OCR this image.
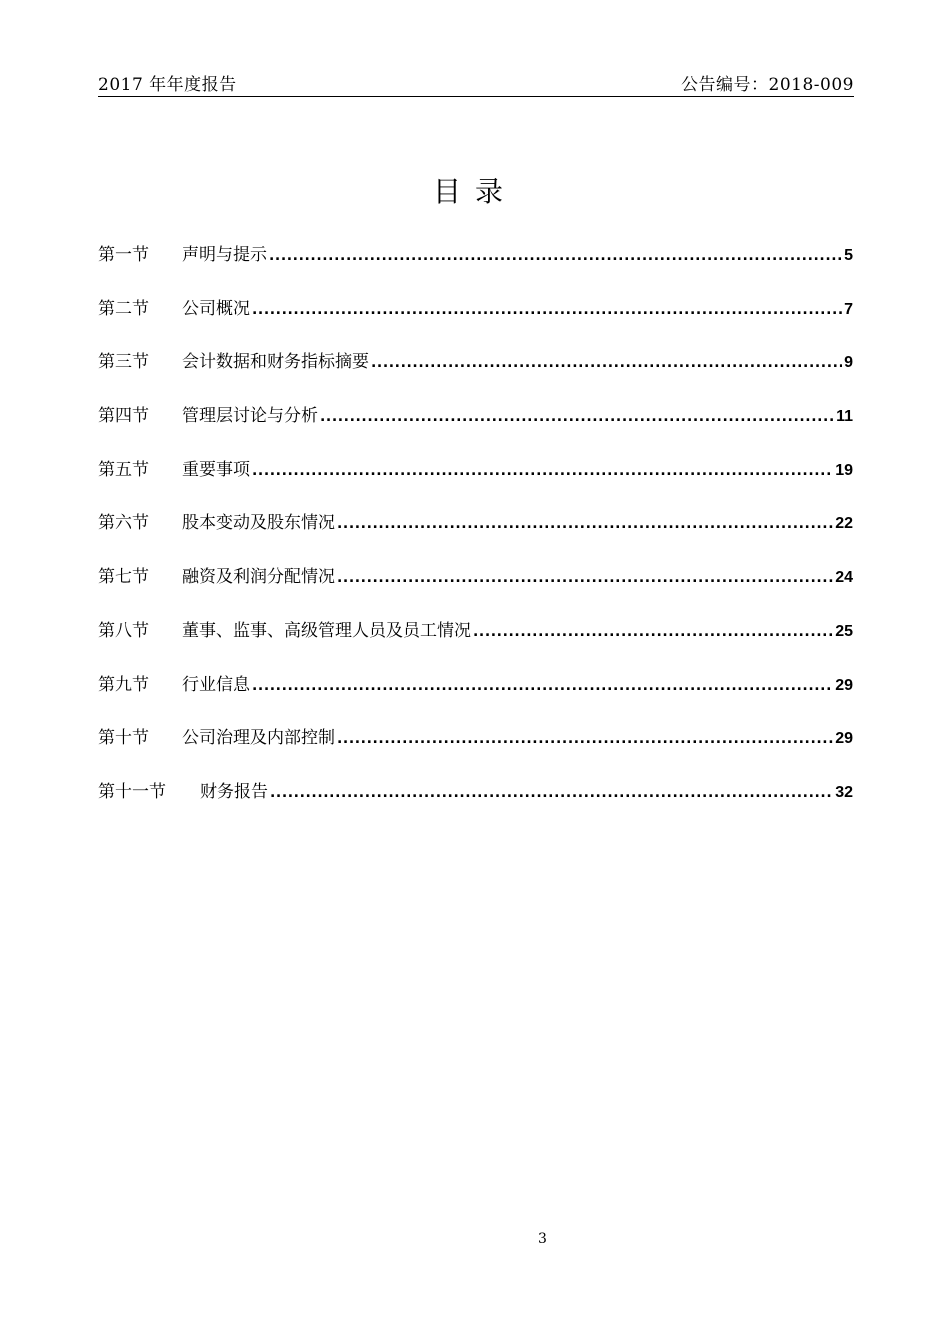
2017 年年度报告	公告编号：2018-009
目录
第一节	声明与提示 .....	5
第二节	公司概况 .....	7
第三节	会计数据和财务指标摘要 .....	9
第四节	管理层讨论与分析 .....	11
第五节	重要事项 .....	19
第六节	股本变动及股东情况 .....	22
第七节	融资及利润分配情况 .....	24
第八节	董事、监事、高级管理人员及员工情况 .....	25
第九节	行业信息 .....	29
第十节	公司治理及内部控制 .....	29
第十一节	财务报告 .....	32
3
